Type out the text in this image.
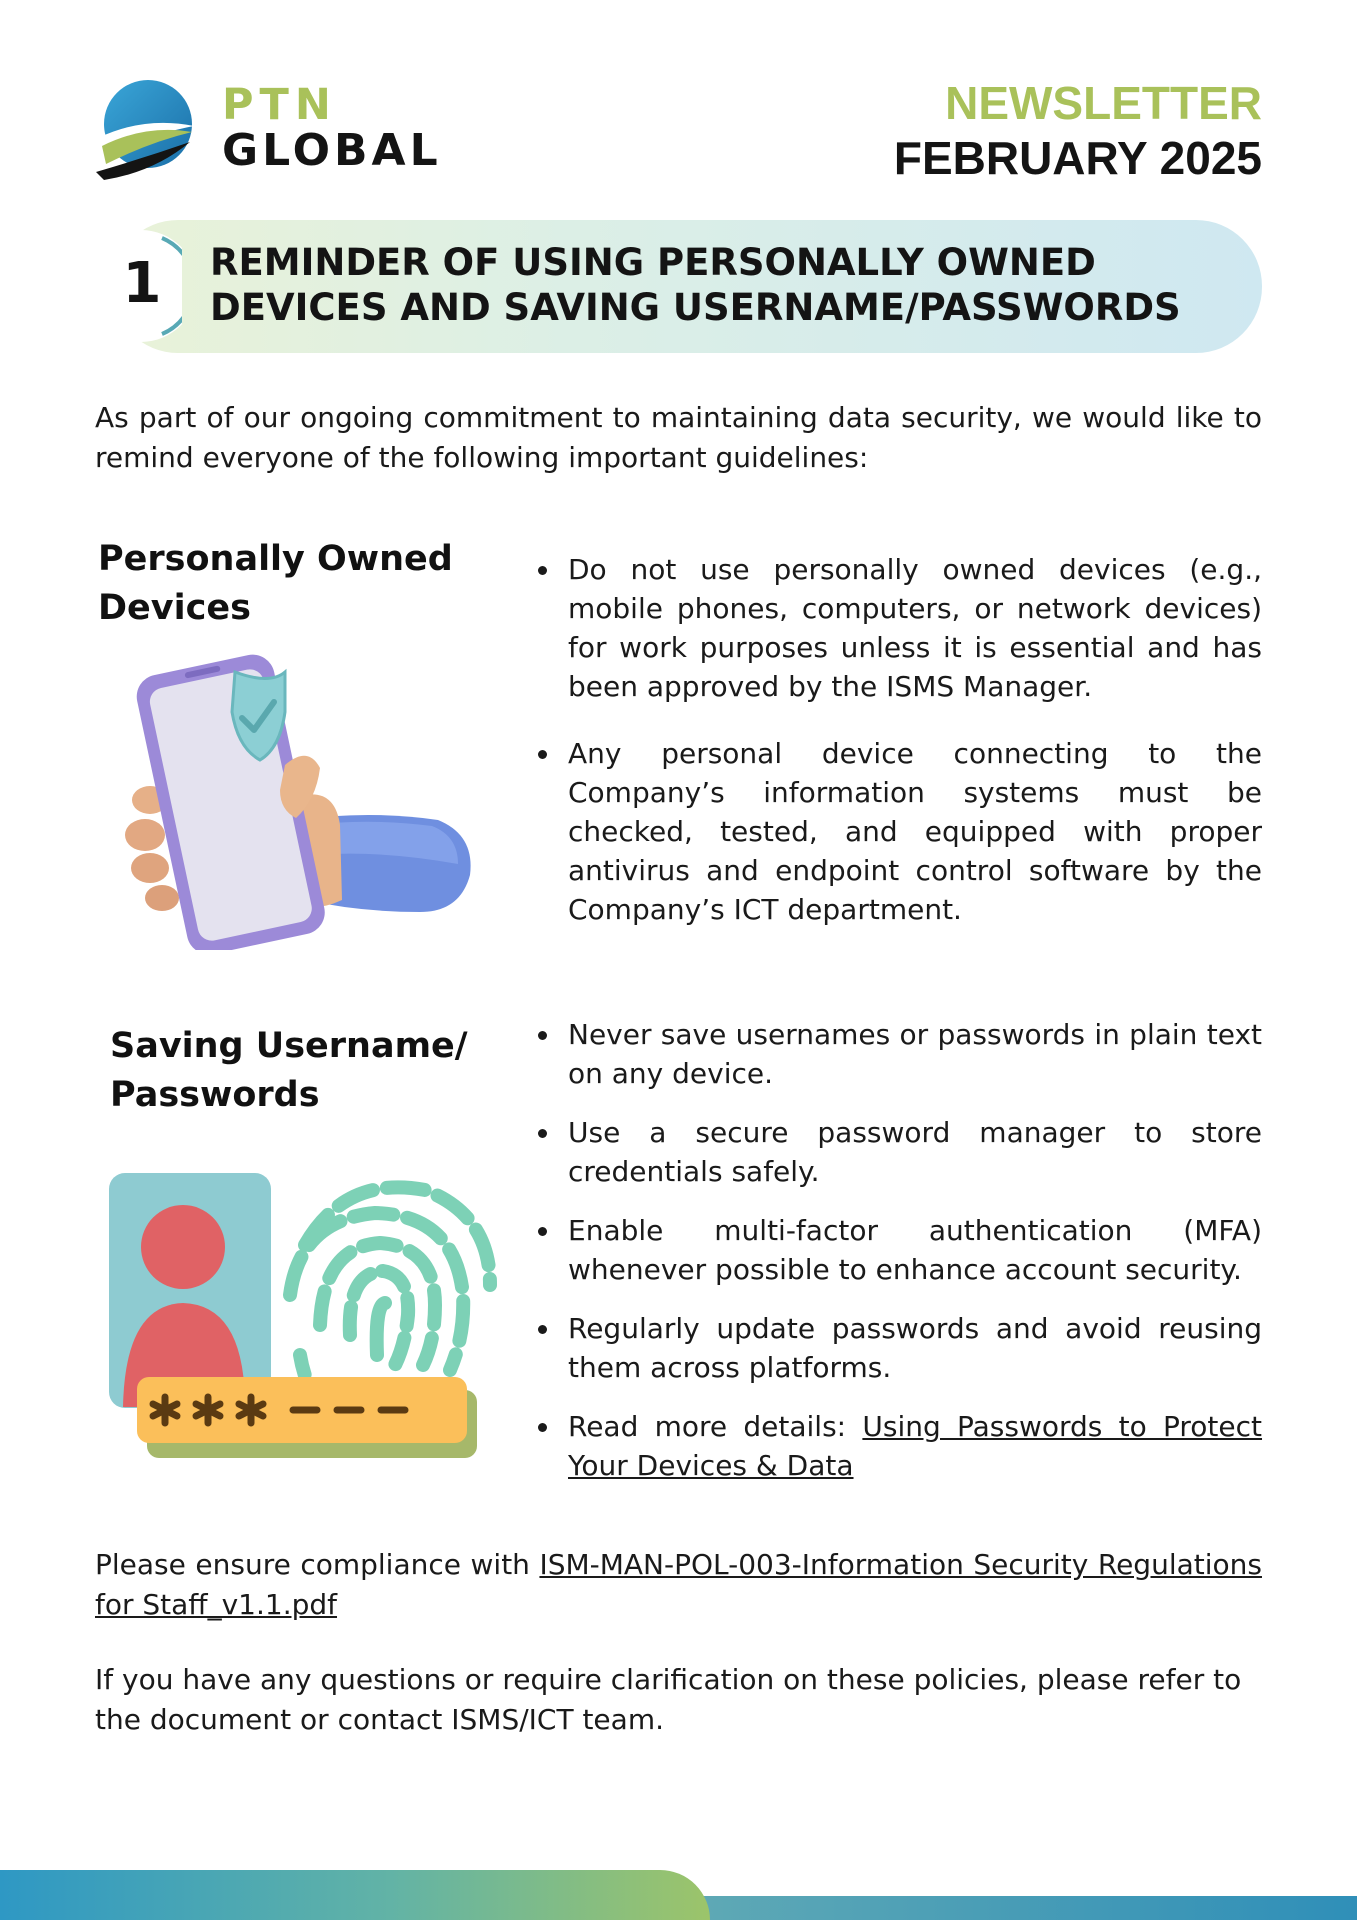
PTN
GLOBAL
NEWSLETTER
FEBRUARY 2025
1 REMINDER OF USING PERSONALLY OWNED
DEVICES AND SAVING USERNAME/PASSWORDS
As part of our ongoing commitment to maintaining data security, we would like to remind everyone of the following important guidelines:
Personally Owned
Devices
Do not use personally owned devices (e.g., mobile phones, computers, or network devices) for work purposes unless it is essential and has been approved by the ISMS Manager.
Any personal device connecting to the Company’s information systems must be checked, tested, and equipped with proper antivirus and endpoint control software by the Company’s ICT department.
Saving Username/
Passwords
Never save usernames or passwords in plain text on any device.
Use a secure password manager to store credentials safely.
Enable multi-factor authentication (MFA) whenever possible to enhance account security.
Regularly update passwords and avoid reusing them across platforms.
Read more details: Using Passwords to Protect Your Devices & Data
Please ensure compliance with ISM-MAN-POL-003-Information Security Regulations for Staff_v1.1.pdf
If you have any questions or require clarification on these policies, please refer to the document or contact ISMS/ICT team.
